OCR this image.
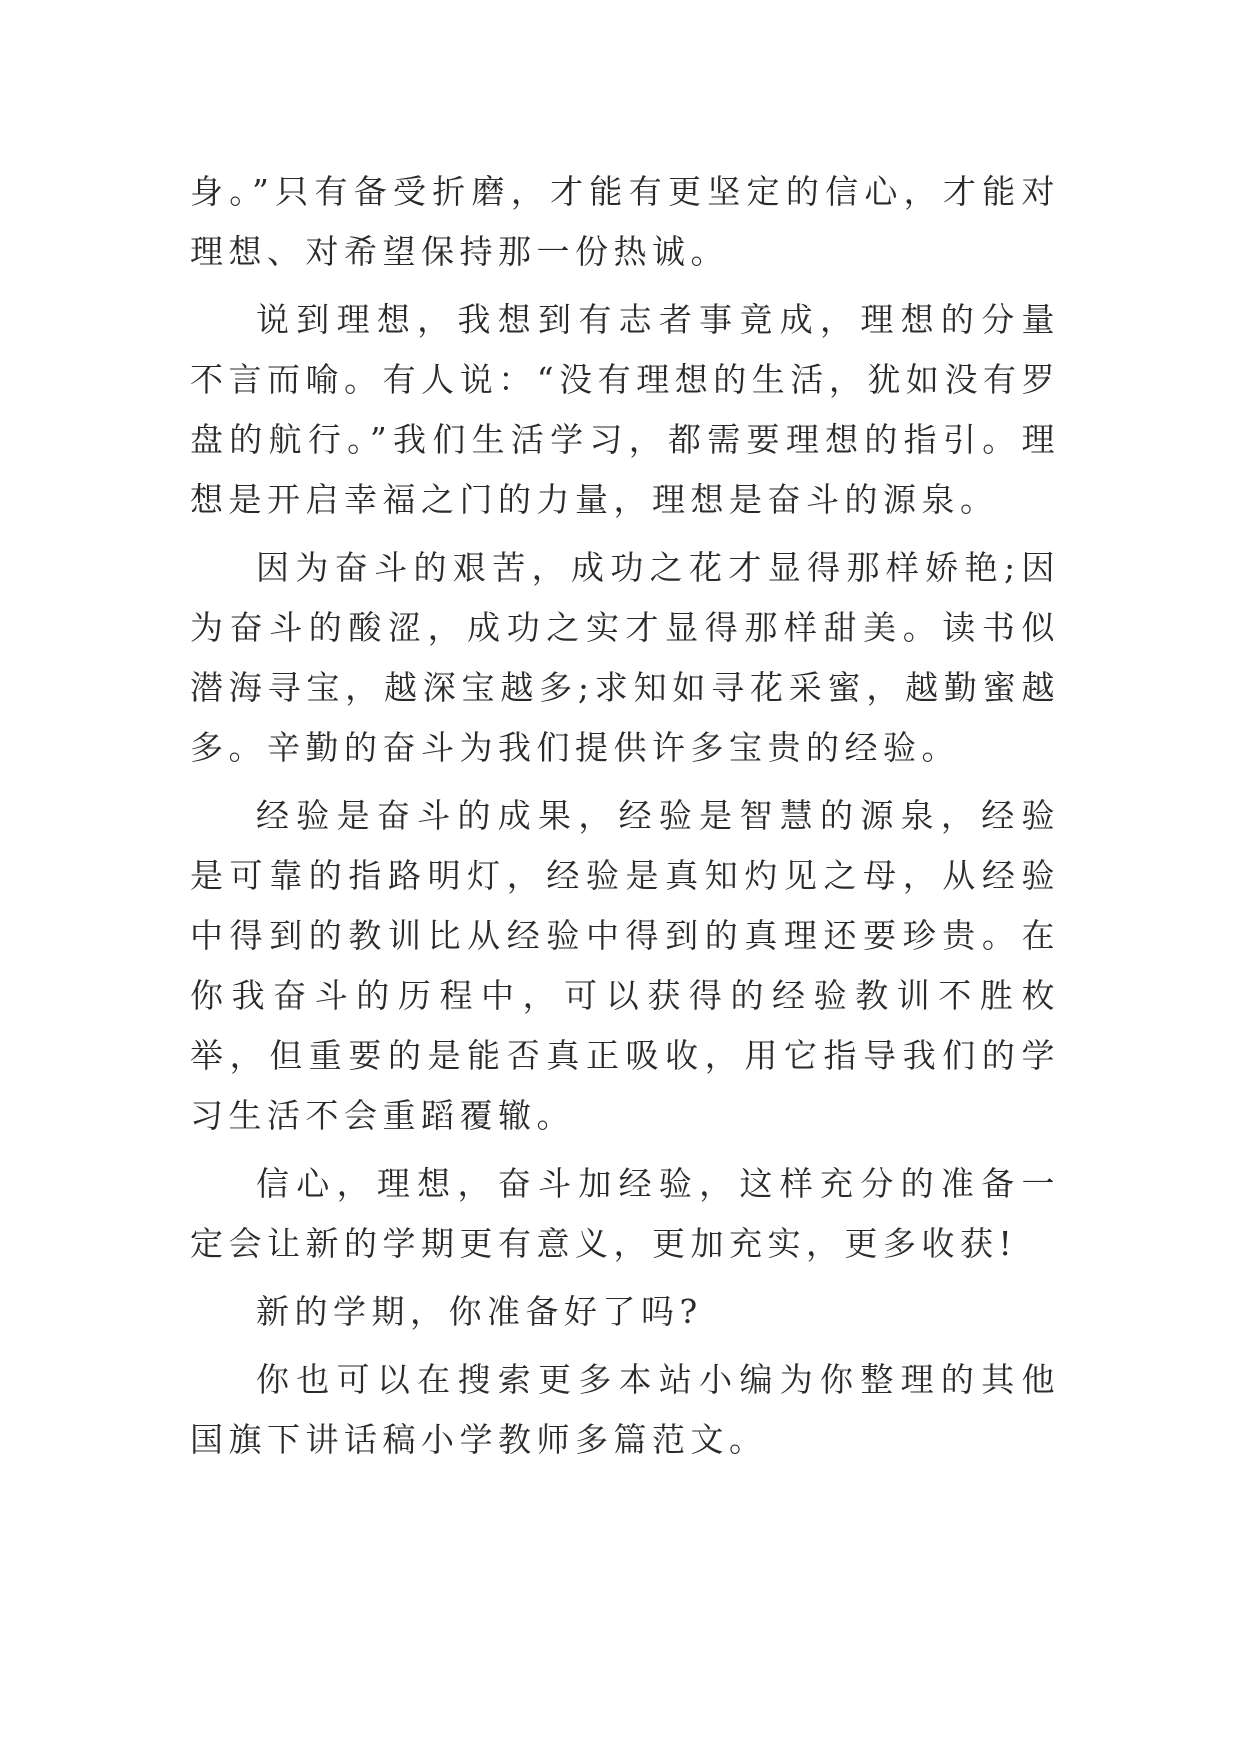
身。”只有备受折磨，才能有更坚定的信心，才能对理想、对希望保持那一份热诚。

说到理想，我想到有志者事竟成，理想的分量不言而喻。有人说：“没有理想的生活，犹如没有罗盘的航行。”我们生活学习，都需要理想的指引。理想是开启幸福之门的力量，理想是奋斗的源泉。

因为奋斗的艰苦，成功之花才显得那样娇艳;因为奋斗的酸涩，成功之实才显得那样甜美。读书似潜海寻宝，越深宝越多;求知如寻花采蜜，越勤蜜越多。辛勤的奋斗为我们提供许多宝贵的经验。

经验是奋斗的成果，经验是智慧的源泉，经验是可靠的指路明灯，经验是真知灼见之母，从经验中得到的教训比从经验中得到的真理还要珍贵。在你我奋斗的历程中，可以获得的经验教训不胜枚举，但重要的是能否真正吸收，用它指导我们的学习生活不会重蹈覆辙。

信心，理想，奋斗加经验，这样充分的准备一定会让新的学期更有意义，更加充实，更多收获!

新的学期，你准备好了吗?

你也可以在搜索更多本站小编为你整理的其他国旗下讲话稿小学教师多篇范文。
